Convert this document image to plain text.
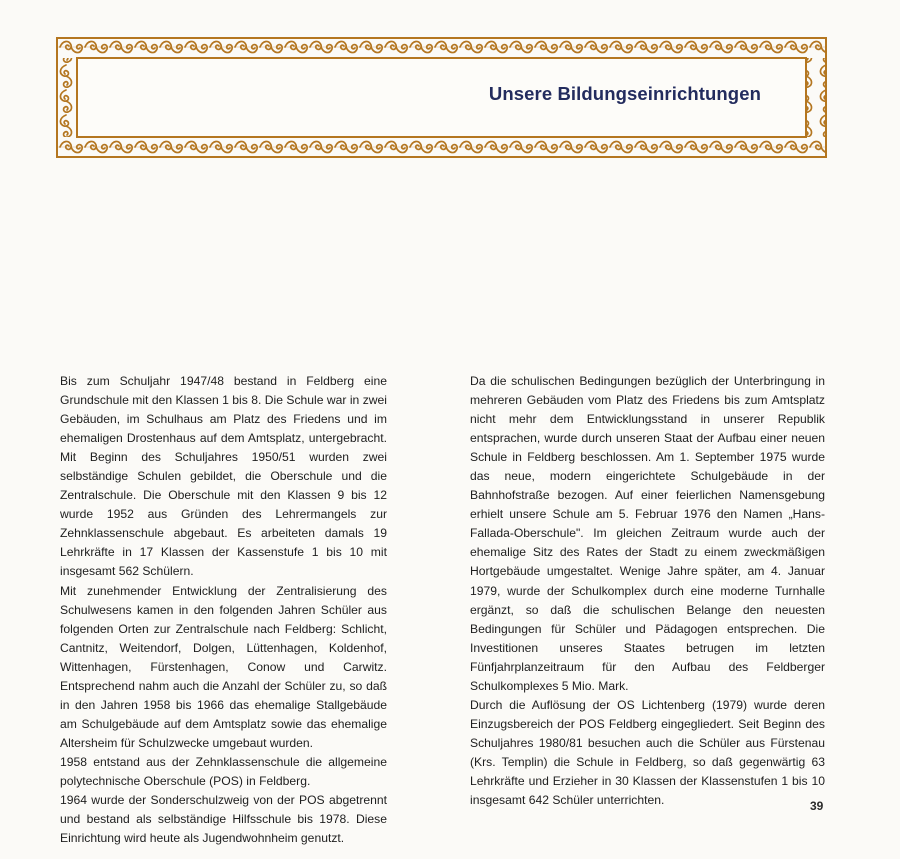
Unsere Bildungseinrichtungen

Bis zum Schuljahr 1947/48 bestand in Feldberg eine Grundschule mit den Klassen 1 bis 8. Die Schule war in zwei Gebäuden, im Schulhaus am Platz des Friedens und im ehemaligen Drostenhaus auf dem Amtsplatz, untergebracht. Mit Beginn des Schuljahres 1950/51 wurden zwei selbständige Schulen gebildet, die Oberschule und die Zentralschule. Die Oberschule mit den Klassen 9 bis 12 wurde 1952 aus Gründen des Lehrermangels zur Zehnklassenschule abgebaut. Es arbeiteten damals 19 Lehrkräfte in 17 Klassen der Kassenstufe 1 bis 10 mit insgesamt 562 Schülern.

Mit zunehmender Entwicklung der Zentralisierung des Schulwesens kamen in den folgenden Jahren Schüler aus folgenden Orten zur Zentralschule nach Feldberg: Schlicht, Cantnitz, Weitendorf, Dolgen, Lüttenhagen, Koldenhof, Wittenhagen, Fürstenhagen, Conow und Carwitz. Entsprechend nahm auch die Anzahl der Schüler zu, so daß in den Jahren 1958 bis 1966 das ehemalige Stallgebäude am Schulgebäude auf dem Amtsplatz sowie das ehemalige Altersheim für Schulzwecke umgebaut wurden.

1958 entstand aus der Zehnklassenschule die allgemeine polytechnische Oberschule (POS) in Feldberg.

1964 wurde der Sonderschulzweig von der POS abgetrennt und bestand als selbständige Hilfsschule bis 1978. Diese Einrichtung wird heute als Jugendwohnheim genutzt.

Da die schulischen Bedingungen bezüglich der Unterbringung in mehreren Gebäuden vom Platz des Friedens bis zum Amtsplatz nicht mehr dem Entwicklungsstand in unserer Republik entsprachen, wurde durch unseren Staat der Aufbau einer neuen Schule in Feldberg beschlossen. Am 1. September 1975 wurde das neue, modern eingerichtete Schulgebäude in der Bahnhofstraße bezogen. Auf einer feierlichen Namensgebung erhielt unsere Schule am 5. Februar 1976 den Namen „Hans-Fallada-Oberschule". Im gleichen Zeitraum wurde auch der ehemalige Sitz des Rates der Stadt zu einem zweckmäßigen Hortgebäude umgestaltet. Wenige Jahre später, am 4. Januar 1979, wurde der Schulkomplex durch eine moderne Turnhalle ergänzt, so daß die schulischen Belange den neuesten Bedingungen für Schüler und Pädagogen entsprechen. Die Investitionen unseres Staates betrugen im letzten Fünfjahrplanzeitraum für den Aufbau des Feldberger Schulkomplexes 5 Mio. Mark.

Durch die Auflösung der OS Lichtenberg (1979) wurde deren Einzugsbereich der POS Feldberg eingegliedert. Seit Beginn des Schuljahres 1980/81 besuchen auch die Schüler aus Fürstenau (Krs. Templin) die Schule in Feldberg, so daß gegenwärtig 63 Lehrkräfte und Erzieher in 30 Klassen der Klassenstufen 1 bis 10 insgesamt 642 Schüler unterrichten.	39
